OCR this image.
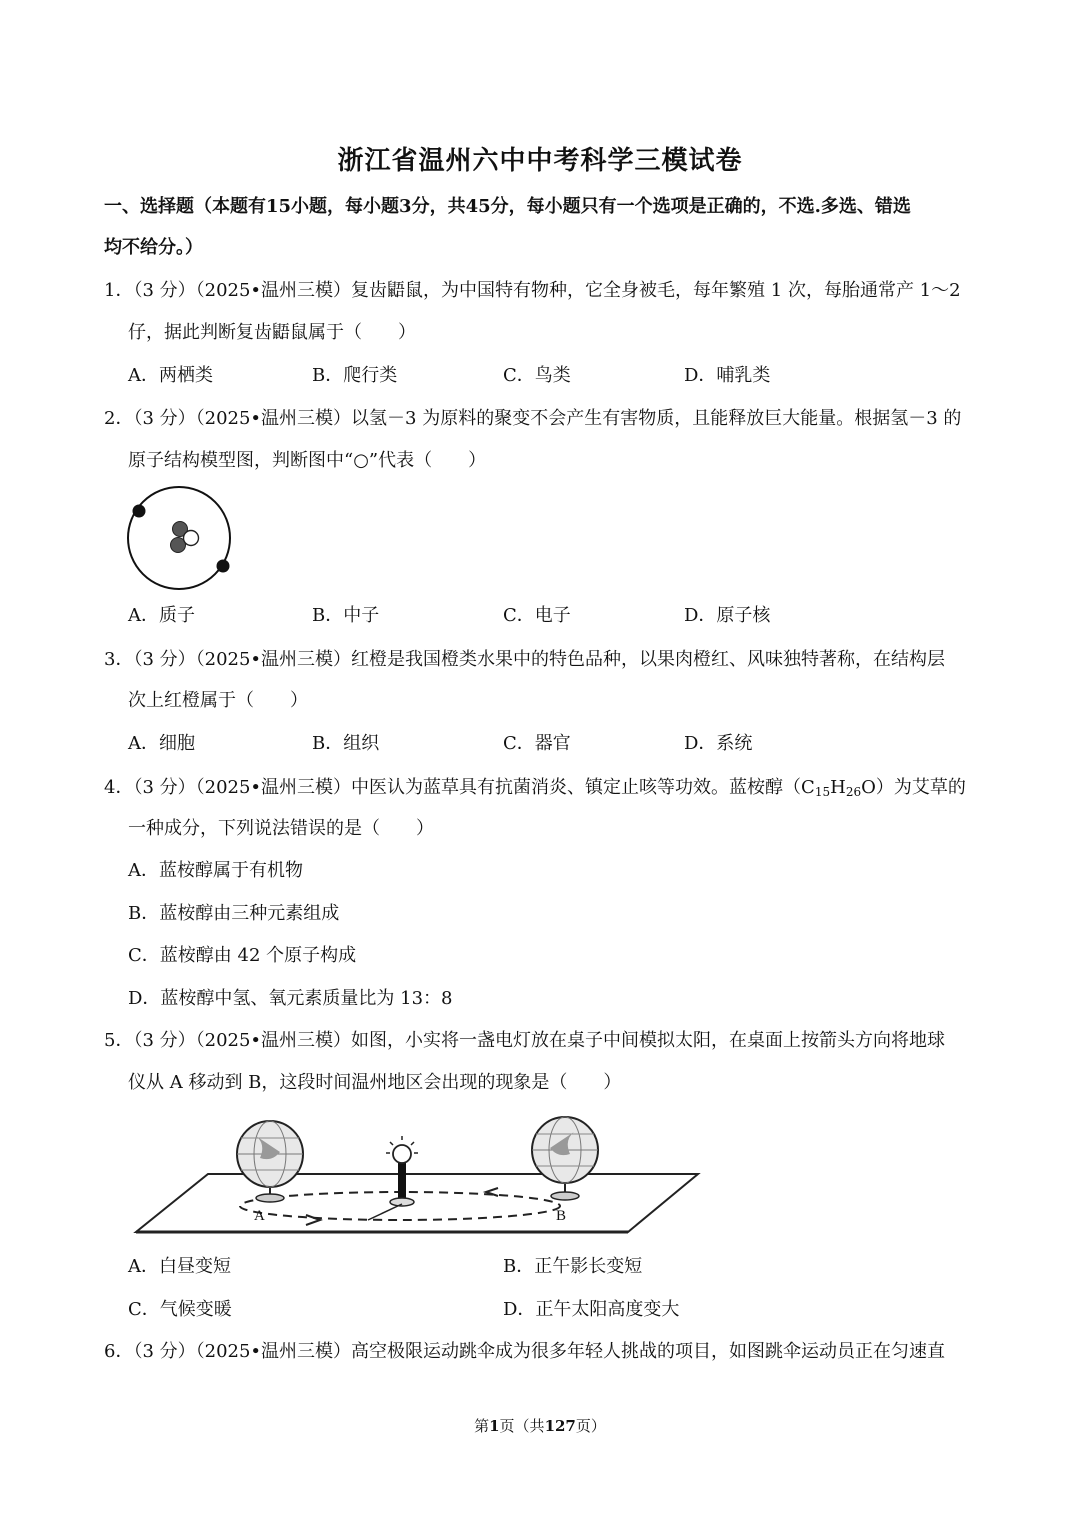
浙江省温州六中中考科学三模试卷
一、选择题（本题有15小题，每小题3分，共45分，每小题只有一个选项是正确的，不选.多选、错选
均不给分。）
1．（3 分）（2025•温州三模）复齿鼯鼠，为中国特有物种，它全身被毛，每年繁殖 1 次，每胎通常产 1～2
仔，据此判断复齿鼯鼠属于（　　）
A．两栖类	B．爬行类	C．鸟类	D．哺乳类
2．（3 分）（2025•温州三模）以氢－3 为原料的聚变不会产生有害物质，且能释放巨大能量。根据氢－3 的
原子结构模型图，判断图中“○”代表（　　）
A．质子	B．中子	C．电子	D．原子核
3．（3 分）（2025•温州三模）红橙是我国橙类水果中的特色品种，以果肉橙红、风味独特著称，在结构层
次上红橙属于（　　）
A．细胞	B．组织	C．器官	D．系统
4．（3 分）（2025•温州三模）中医认为蓝草具有抗菌消炎、镇定止咳等功效。蓝桉醇$(C_{15}H_{26}O)$为艾草的
一种成分，下列说法错误的是（　　）
A．蓝桉醇属于有机物
B．蓝桉醇由三种元素组成
C．蓝桉醇由 42 个原子构成
D．蓝桉醇中氢、氧元素质量比为 13：8
5．（3 分）（2025•温州三模）如图，小实将一盏电灯放在桌子中间模拟太阳，在桌面上按箭头方向将地球
仪从 A 移动到 B，这段时间温州地区会出现的现象是（　　）
A	B
A．白昼变短	B．正午影长变短
C．气候变暖	D．正午太阳高度变大
6．（3 分）（2025•温州三模）高空极限运动跳伞成为很多年轻人挑战的项目，如图跳伞运动员正在匀速直
第1页（共127页）
